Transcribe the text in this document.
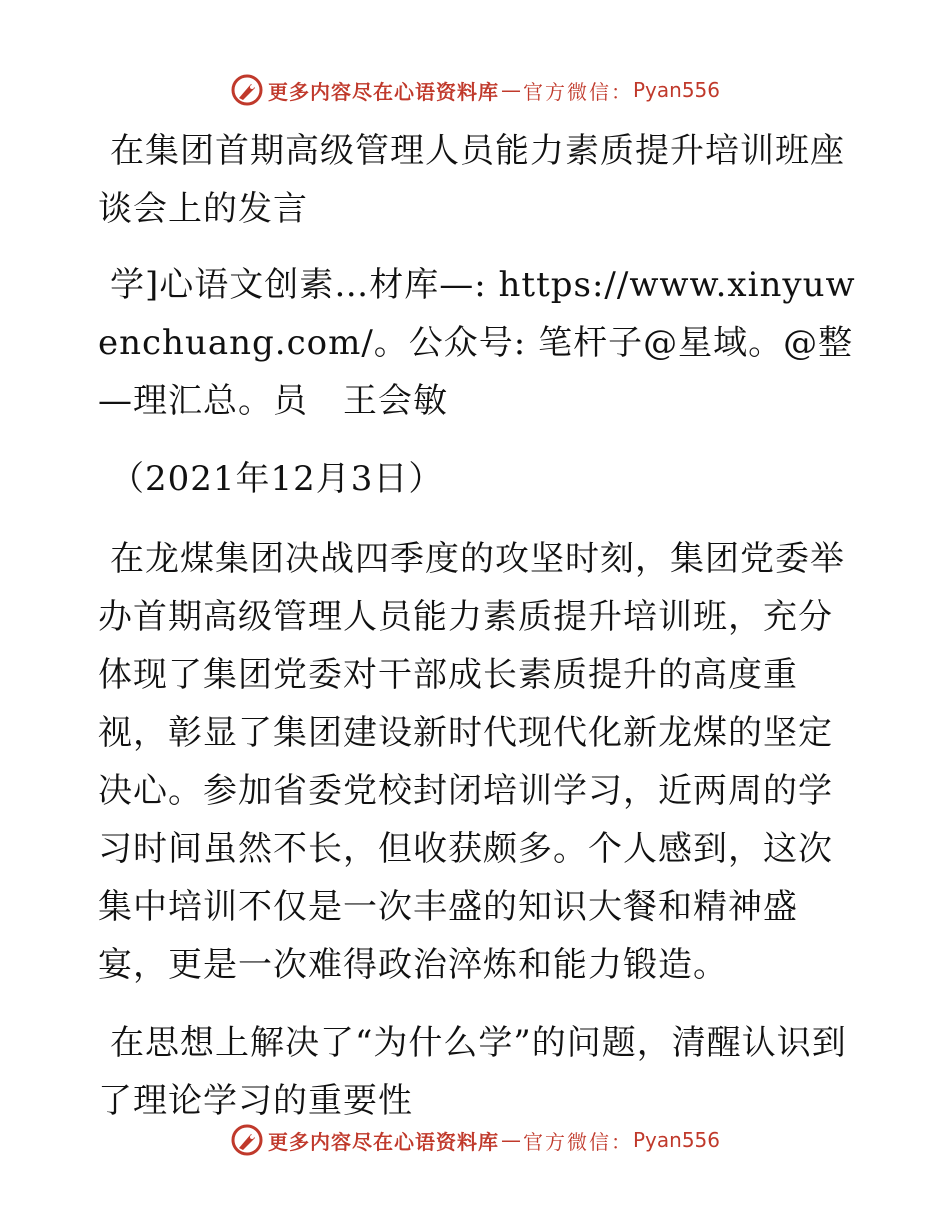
更多内容尽在心语资料库 — 官方微信： Pyan556

在集团首期高级管理人员能力素质提升培训班座谈会上的发言

学]心语文创素…材库—: https://www.xinyuwenchuang.com/。公众号: 笔杆子@星域。@整—理汇总。员　王会敏

（2021年12月3日）

在龙煤集团决战四季度的攻坚时刻，集团党委举办首期高级管理人员能力素质提升培训班，充分体现了集团党委对干部成长素质提升的高度重视，彰显了集团建设新时代现代化新龙煤的坚定决心。参加省委党校封闭培训学习，近两周的学习时间虽然不长，但收获颇多。个人感到，这次集中培训不仅是一次丰盛的知识大餐和精神盛宴，更是一次难得政治淬炼和能力锻造。

在思想上解决了“为什么学”的问题，清醒认识到了理论学习的重要性

更多内容尽在心语资料库 — 官方微信： Pyan556
